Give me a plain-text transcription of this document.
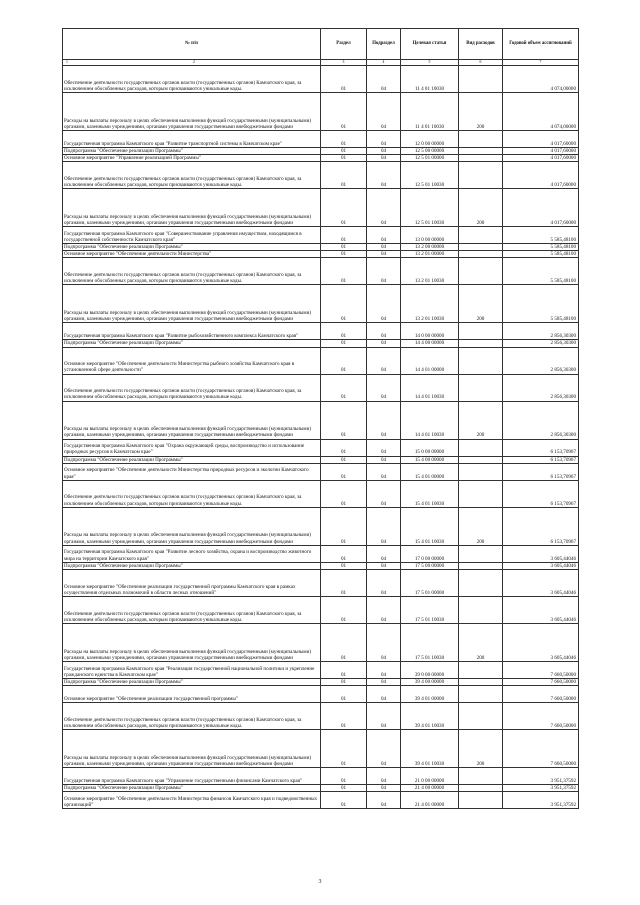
№ п/п	Раздел	Подраздел	Целевая статья	Вид расходов	Годовой объем ассигнований

1 2	3	4	5	6	7
Обеспечение деятельности государственных органов власти (государственных органов) Камчатского края, за исключением обособленных расходов, которым присваиваются уникальные коды.	01	04	11 4 01 10030		4 074,00000
Расходы на выплаты персоналу в целях обеспечения выполнения функций государственными (муниципальными) органами, казенными учреждениями, органами управления государственными внебюджетными фондами	01	04	11 4 01 10030	200	4 074,00000
Государственная программа Камчатского края "Развитие транспортной системы в Камчатском крае"	01	04	12 0 00 00000		4 017,60000
Подпрограмма "Обеспечение реализации Программы"	01	04	12 5 00 00000		4 017,60000
Основное мероприятие "Управление реализацией Программы"	01	04	12 5 01 00000		4 017,60000
Обеспечение деятельности государственных органов власти (государственных органов) Камчатского края, за исключением обособленных расходов, которым присваиваются уникальные коды.	01	04	12 5 01 10030		4 017,60000
Расходы на выплаты персоналу в целях обеспечения выполнения функций государственными (муниципальными) органами, казенными учреждениями, органами управления государственными внебюджетными фондами	01	04	12 5 01 10030	200	4 017,60000
Государственная программа Камчатского края "Совершенствование управления имуществом, находящимся в государственной собственности Камчатского края"	01	04	13 0 00 00000		5 585,48100
Подпрограмма "Обеспечение реализации Программы"	01	04	13 2 00 00000		5 585,48100
Основное мероприятие "Обеспечение деятельности Министерства"	01	04	13 2 01 00000		5 585,48100
Обеспечение деятельности государственных органов власти (государственных органов) Камчатского края, за исключением обособленных расходов, которым присваиваются уникальные коды.	01	04	13 2 01 10030		5 585,48100
Расходы на выплаты персоналу в целях обеспечения выполнения функций государственными (муниципальными) органами, казенными учреждениями, органами управления государственными внебюджетными фондами	01	04	13 2 01 10030	200	5 585,48100
Государственная программа Камчатского края "Развитие рыбохозяйственного комплекса Камчатского края"	01	04	14 0 00 00000		2 856,30300
Подпрограмма "Обеспечение реализации Программы"	01	04	14 4 00 00000		2 856,30300
Основное мероприятие "Обеспечение деятельности Министерства рыбного хозяйства Камчатского края в установленной сфере деятельности"	01	04	14 4 01 00000		2 856,30300
Обеспечение деятельности государственных органов власти (государственных органов) Камчатского края, за исключением обособленных расходов, которым присваиваются уникальные коды.	01	04	14 4 01 10030		2 856,30300
Расходы на выплаты персоналу в целях обеспечения выполнения функций государственными (муниципальными) органами, казенными учреждениями, органами управления государственными внебюджетными фондами	01	04	14 4 01 10030	200	2 856,30300
Государственная программа Камчатского края "Охрана окружающей среды, воспроизводство и использование природных ресурсов в Камчатском крае"	01	04	15 0 00 00000		6 153,70967
Подпрограмма "Обеспечение реализации Программы"	01	04	15 4 00 00000		6 153,70967
Основное мероприятие "Обеспечение деятельности Министерства природных ресурсов и экологии Камчатского края"	01	04	15 4 01 00000		6 153,70967
Обеспечение деятельности государственных органов власти (государственных органов) Камчатского края, за исключением обособленных расходов, которым присваиваются уникальные коды.	01	04	15 4 01 10030		6 153,70967
Расходы на выплаты персоналу в целях обеспечения выполнения функций государственными (муниципальными) органами, казенными учреждениями, органами управления государственными внебюджетными фондами	01	04	15 4 01 10030	200	6 153,70967
Государственная программа Камчатского края "Развитие лесного хозяйства, охрана и воспроизводство животного мира на территории Камчатского края"	01	04	17 0 00 00000		3 605,44046
Подпрограмма "Обеспечение реализации Программы"	01	04	17 5 00 00000		3 605,44046
Основное мероприятие "Обеспечение реализации государственной программы Камчатского края в рамках осуществления отдельных полномочий в области лесных отношений"	01	04	17 5 01 00000		3 605,44046
Обеспечение деятельности государственных органов власти (государственных органов) Камчатского края, за исключением обособленных расходов, которым присваиваются уникальные коды.	01	04	17 5 01 10030		3 605,44046
Расходы на выплаты персоналу в целях обеспечения выполнения функций государственными (муниципальными) органами, казенными учреждениями, органами управления государственными внебюджетными фондами	01	04	17 5 01 10030	200	3 605,44046
Государственная программа Камчатского края "Реализация государственной национальной политики и укрепление гражданского единства в Камчатском крае"	01	04	39 0 00 00000		7 660,50000
Подпрограмма "Обеспечение реализации Программы"	01	04	39 4 00 00000		7 660,50000
Основное мероприятие "Обеспечение реализации государственной программы"	01	04	39 4 01 00000		7 660,50000
Обеспечение деятельности государственных органов власти (государственных органов) Камчатского края, за исключением обособленных расходов, которым присваиваются уникальные коды.	01	04	39 4 01 10030		7 660,50000
Расходы на выплаты персоналу в целях обеспечения выполнения функций государственными (муниципальными) органами, казенными учреждениями, органами управления государственными внебюджетными фондами	01	04	39 4 01 10030	200	7 660,50000
Государственная программа Камчатского края "Управление государственными финансами Камчатского края"	01	04	21 0 00 00000		3 951,37592
Подпрограмма "Обеспечение реализации Программы"	01	04	21 4 00 00000		3 951,37592
Основное мероприятие "Обеспечение деятельности Министерства финансов Камчатского края и подведомственных организаций"	01	04	21 4 01 00000		3 951,37592
3
